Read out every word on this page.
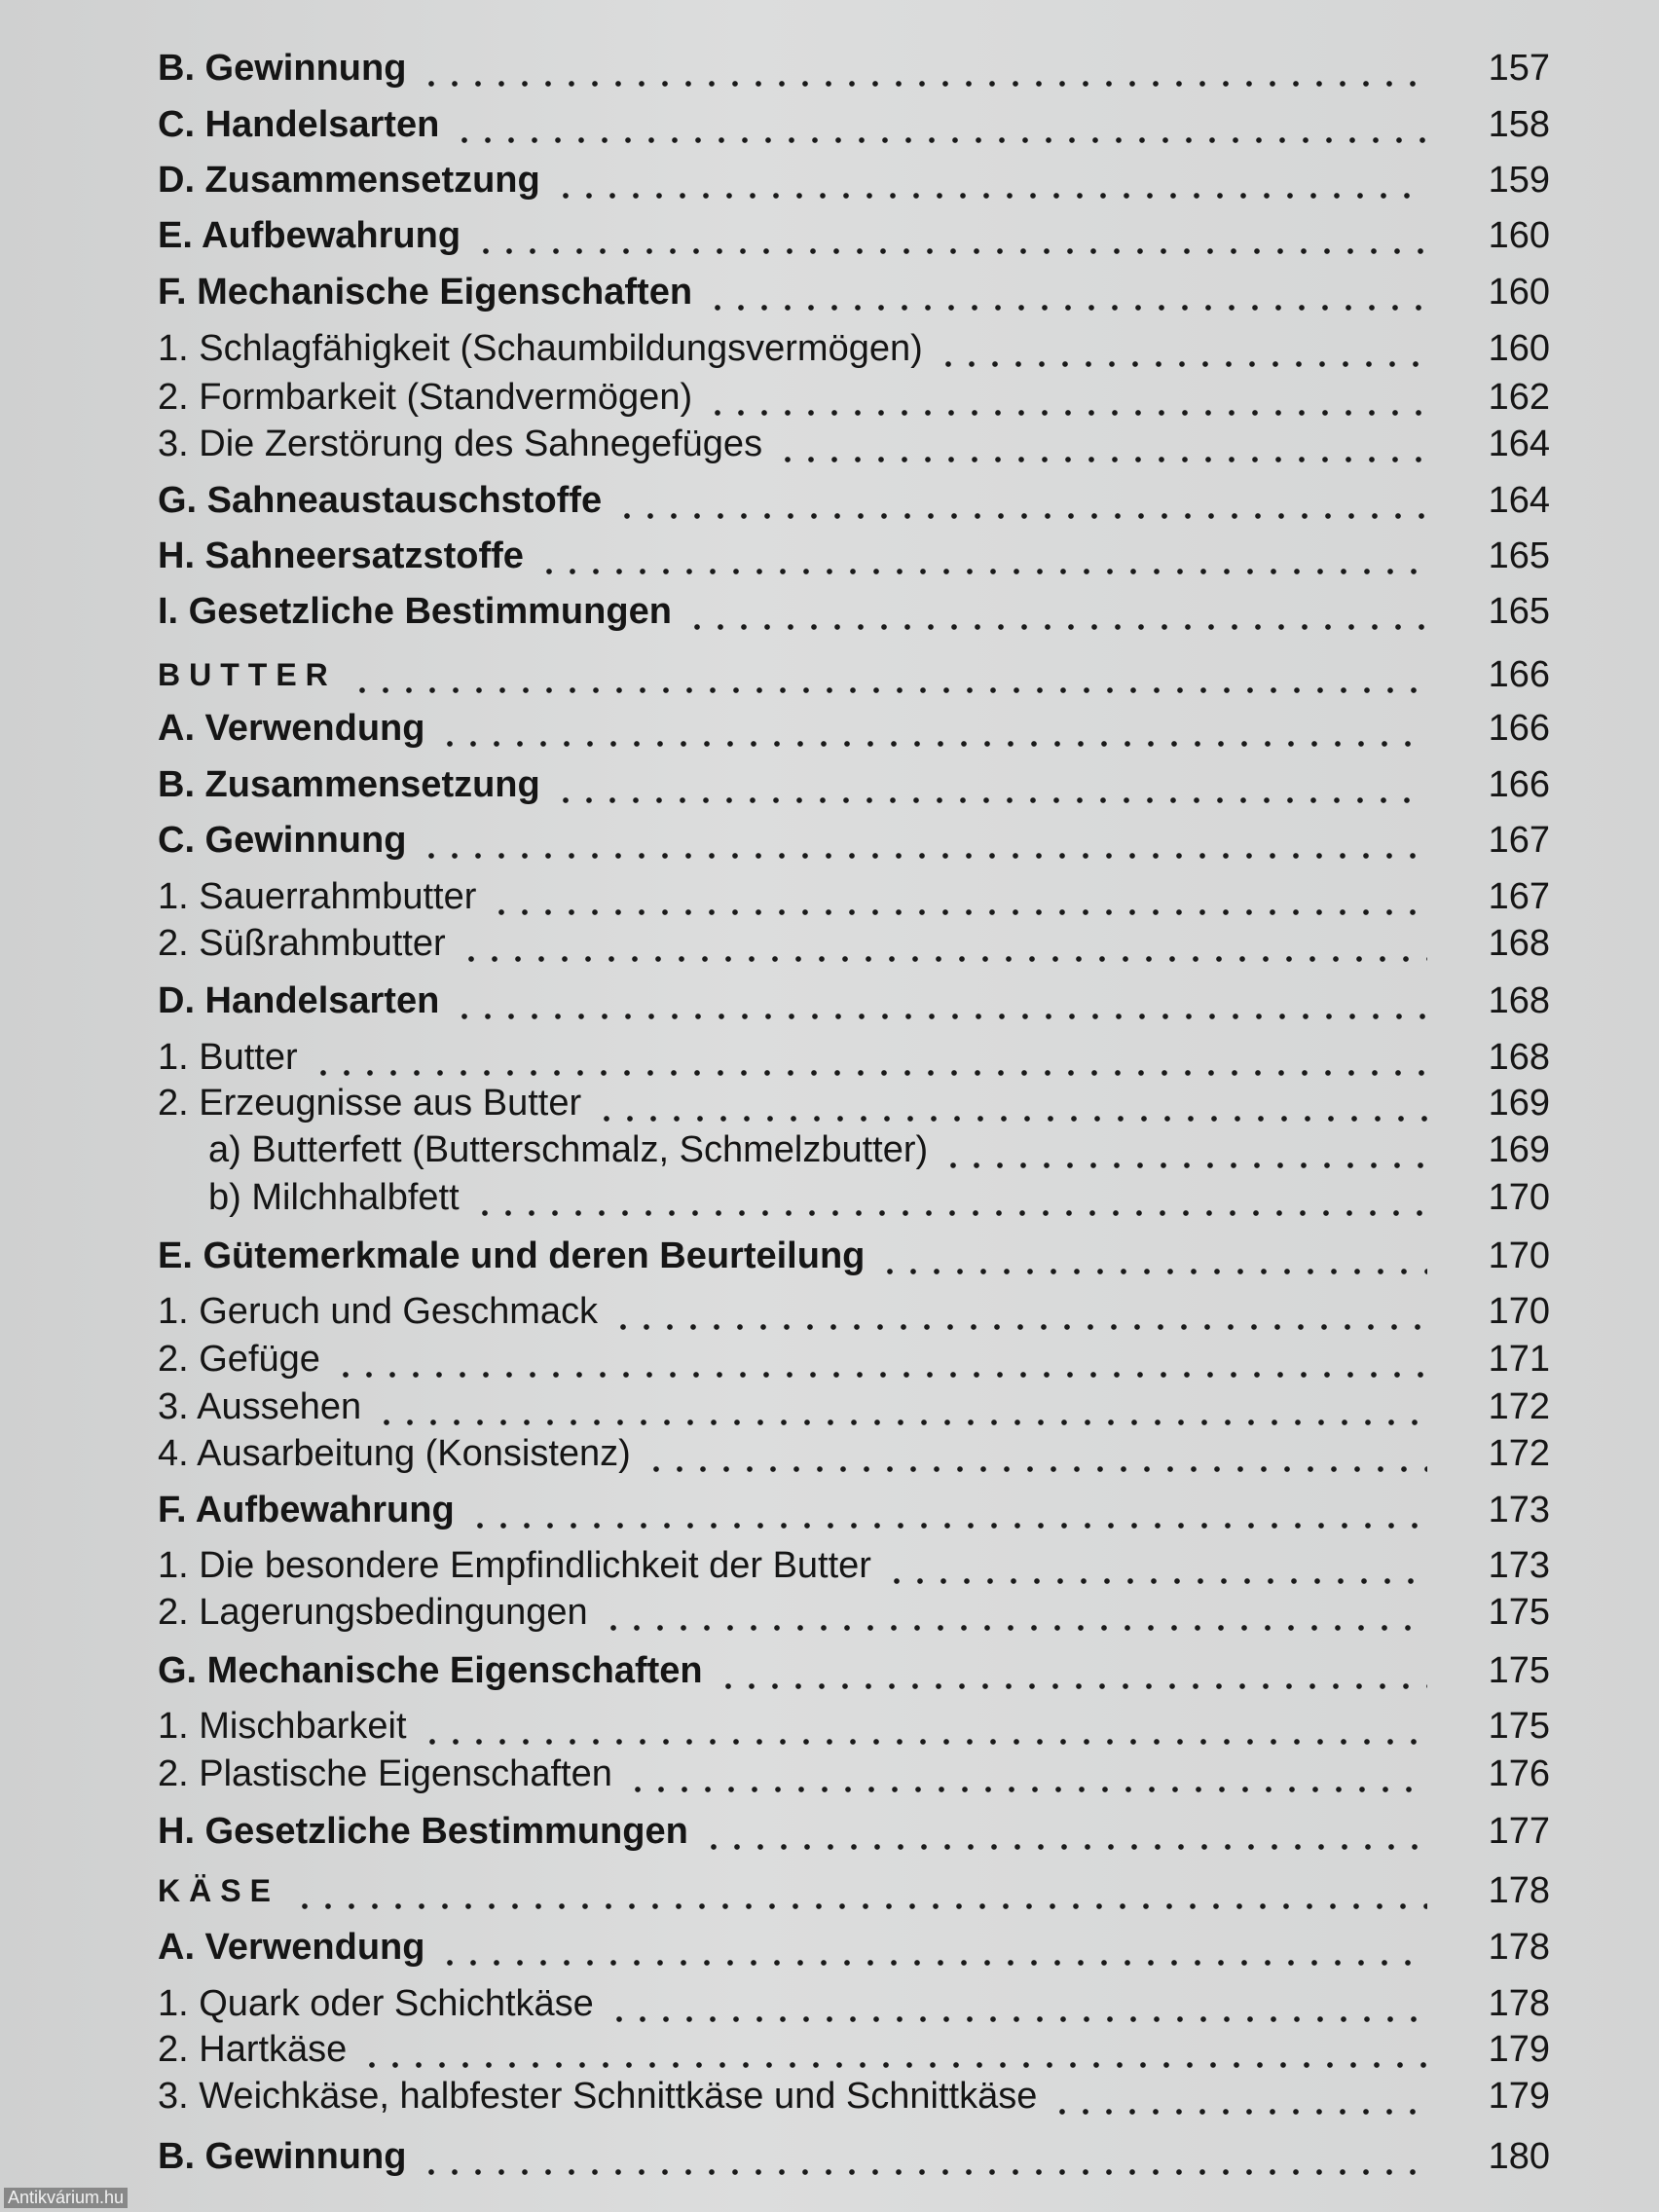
B. Gewinnung	157
C. Handelsarten	158
D. Zusammensetzung	159
E. Aufbewahrung	160
F. Mechanische Eigenschaften	160
1. Schlagfähigkeit (Schaumbildungsvermögen)	160
2. Formbarkeit (Standvermögen)	162
3. Die Zerstörung des Sahnegefüges	164
G. Sahneaustauschstoffe	164
H. Sahneersatzstoffe	165
I. Gesetzliche Bestimmungen	165
BUTTER	166
A. Verwendung	166
B. Zusammensetzung	166
C. Gewinnung	167
1. Sauerrahmbutter	167
2. Süßrahmbutter	168
D. Handelsarten	168
1. Butter	168
2. Erzeugnisse aus Butter	169
a) Butterfett (Butterschmalz, Schmelzbutter)	169
b) Milchhalbfett	170
E. Gütemerkmale und deren Beurteilung	170
1. Geruch und Geschmack	170
2. Gefüge	171
3. Aussehen	172
4. Ausarbeitung (Konsistenz)	172
F. Aufbewahrung	173
1. Die besondere Empfindlichkeit der Butter	173
2. Lagerungsbedingungen	175
G. Mechanische Eigenschaften	175
1. Mischbarkeit	175
2. Plastische Eigenschaften	176
H. Gesetzliche Bestimmungen	177
KÄSE	178
A. Verwendung	178
1. Quark oder Schichtkäse	178
2. Hartkäse	179
3. Weichkäse, halbfester Schnittkäse und Schnittkäse	179
B. Gewinnung	180
Antikvárium.hu
